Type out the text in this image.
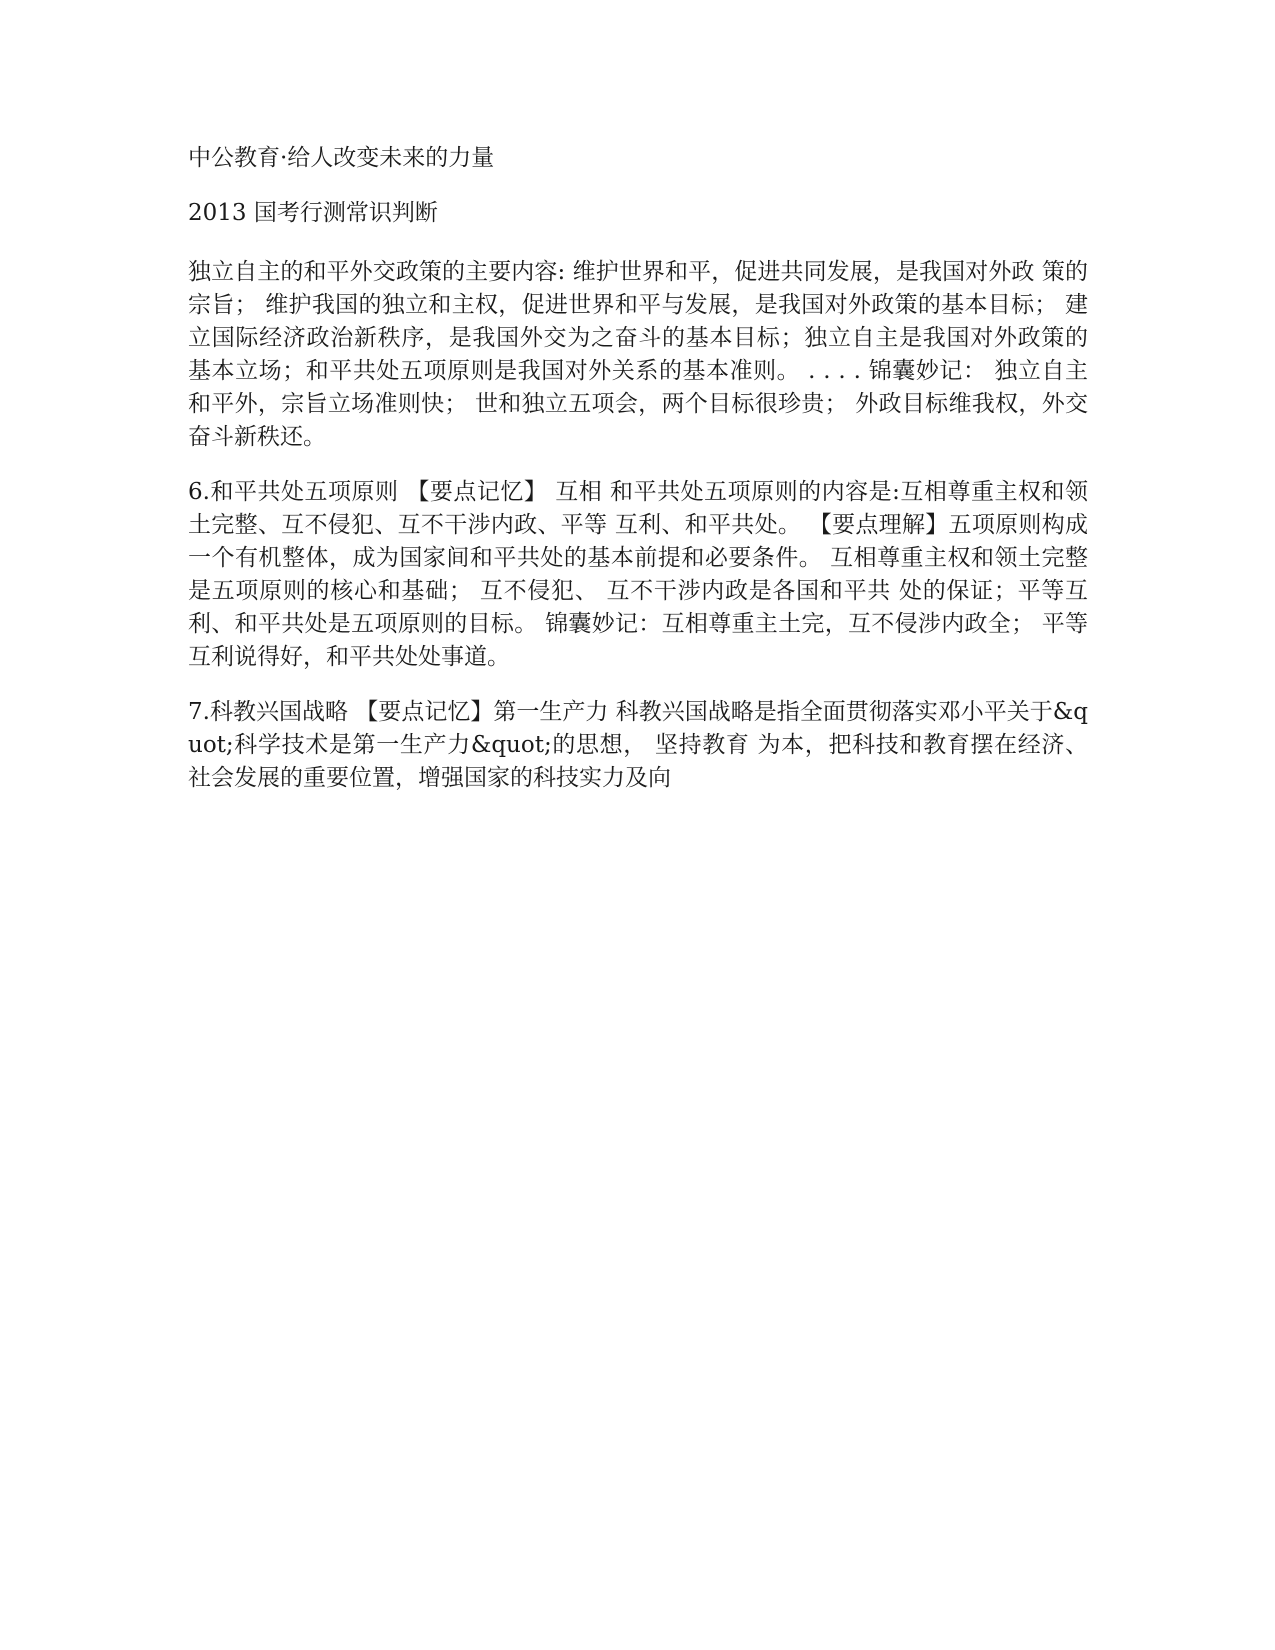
中公教育·给人改变未来的力量

2013 国考行测常识判断

独立自主的和平外交政策的主要内容: 维护世界和平，促进共同发展，是我国对外政 策的宗旨； 维护我国的独立和主权，促进世界和平与发展，是我国对外政策的基本目标； 建立国际经济政治新秩序，是我国外交为之奋斗的基本目标；独立自主是我国对外政策的 基本立场；和平共处五项原则是我国对外关系的基本准则。 . . . . 锦囊妙记： 独立自主和平外，宗旨立场准则快； 世和独立五项会，两个目标很珍贵； 外政目标维我权，外交奋斗新秩还。

6.和平共处五项原则 【要点记忆】 互相 和平共处五项原则的内容是:互相尊重主权和领土完整、互不侵犯、互不干涉内政、平等 互利、和平共处。 【要点理解】五项原则构成一个有机整体，成为国家间和平共处的基本前提和必要条件。 互相尊重主权和领土完整是五项原则的核心和基础； 互不侵犯、 互不干涉内政是各国和平共 处的保证；平等互利、和平共处是五项原则的目标。 锦囊妙记：互相尊重主土完，互不侵涉内政全； 平等互利说得好，和平共处处事道。

7.科教兴国战略 【要点记忆】第一生产力 科教兴国战略是指全面贯彻落实邓小平关于&quot;科学技术是第一生产力&quot;的思想， 坚持教育 为本，把科技和教育摆在经济、社会发展的重要位置，增强国家的科技实力及向
